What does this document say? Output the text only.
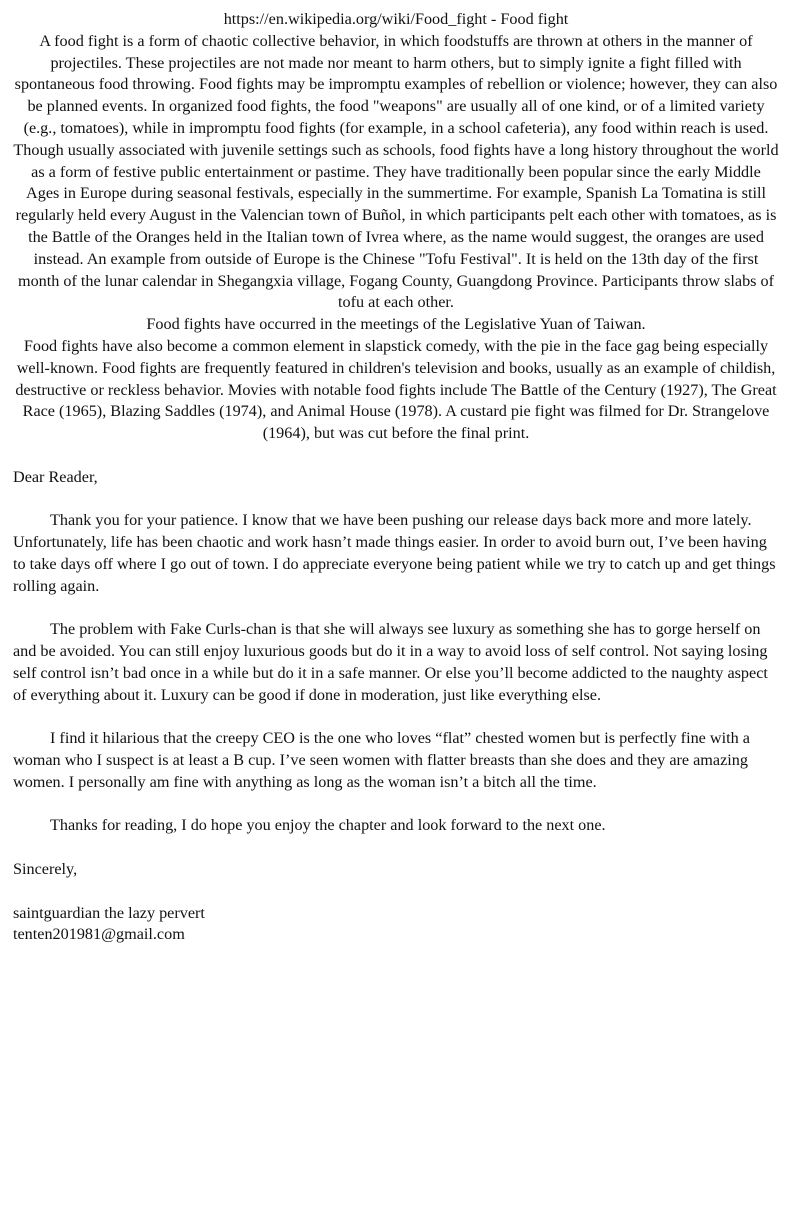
https://en.wikipedia.org/wiki/Food_fight - Food fight

A food fight is a form of chaotic collective behavior, in which foodstuffs are thrown at others in the manner of projectiles. These projectiles are not made nor meant to harm others, but to simply ignite a fight filled with spontaneous food throwing. Food fights may be impromptu examples of rebellion or violence; however, they can also be planned events. In organized food fights, the food "weapons" are usually all of one kind, or of a limited variety (e.g., tomatoes), while in impromptu food fights (for example, in a school cafeteria), any food within reach is used.

Though usually associated with juvenile settings such as schools, food fights have a long history throughout the world as a form of festive public entertainment or pastime. They have traditionally been popular since the early Middle Ages in Europe during seasonal festivals, especially in the summertime. For example, Spanish La Tomatina is still regularly held every August in the Valencian town of Buñol, in which participants pelt each other with tomatoes, as is the Battle of the Oranges held in the Italian town of Ivrea where, as the name would suggest, the oranges are used instead. An example from outside of Europe is the Chinese "Tofu Festival". It is held on the 13th day of the first month of the lunar calendar in Shegangxia village, Fogang County, Guangdong Province. Participants throw slabs of tofu at each other.

Food fights have occurred in the meetings of the Legislative Yuan of Taiwan.

Food fights have also become a common element in slapstick comedy, with the pie in the face gag being especially well-known. Food fights are frequently featured in children's television and books, usually as an example of childish, destructive or reckless behavior. Movies with notable food fights include The Battle of the Century (1927), The Great Race (1965), Blazing Saddles (1974), and Animal House (1978). A custard pie fight was filmed for Dr. Strangelove (1964), but was cut before the final print.

Dear Reader,

Thank you for your patience. I know that we have been pushing our release days back more and more lately. Unfortunately, life has been chaotic and work hasn’t made things easier. In order to avoid burn out, I’ve been having to take days off where I go out of town. I do appreciate everyone being patient while we try to catch up and get things rolling again.

The problem with Fake Curls-chan is that she will always see luxury as something she has to gorge herself on and be avoided. You can still enjoy luxurious goods but do it in a way to avoid loss of self control. Not saying losing self control isn’t bad once in a while but do it in a safe manner. Or else you’ll become addicted to the naughty aspect of everything about it. Luxury can be good if done in moderation, just like everything else.

I find it hilarious that the creepy CEO is the one who loves “flat” chested women but is perfectly fine with a woman who I suspect is at least a B cup. I’ve seen women with flatter breasts than she does and they are amazing women. I personally am fine with anything as long as the woman isn’t a bitch all the time.

Thanks for reading, I do hope you enjoy the chapter and look forward to the next one.

Sincerely,

saintguardian the lazy pervert

tenten201981@gmail.com
